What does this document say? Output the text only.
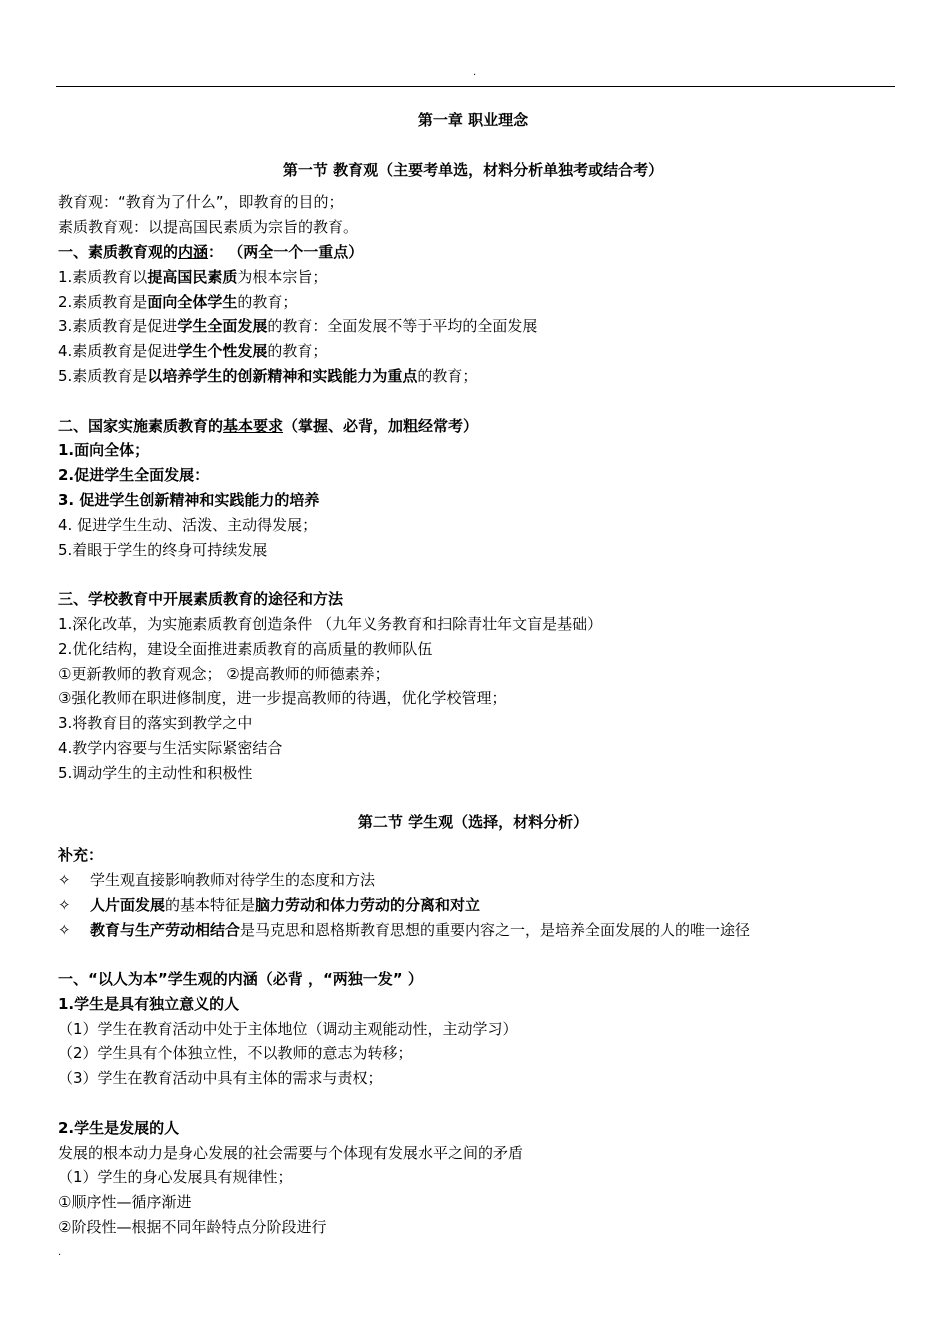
.
第一章 职业理念
第一节 教育观（主要考单选，材料分析单独考或结合考）
教育观：“教育为了什么”，即教育的目的；
素质教育观：以提高国民素质为宗旨的教育。
一、素质教育观的内涵： （两全一个一重点）
1.素质教育以提高国民素质为根本宗旨；
2.素质教育是面向全体学生的教育；
3.素质教育是促进学生全面发展的教育：全面发展不等于平均的全面发展
4.素质教育是促进学生个性发展的教育；
5.素质教育是以培养学生的创新精神和实践能力为重点的教育；
二、国家实施素质教育的基本要求（掌握、必背，加粗经常考）
1.面向全体；
2.促进学生全面发展：
3. 促进学生创新精神和实践能力的培养
4. 促进学生生动、活泼、主动得发展；
5.着眼于学生的终身可持续发展
三、学校教育中开展素质教育的途径和方法
1.深化改革，为实施素质教育创造条件 （九年义务教育和扫除青壮年文盲是基础）
2.优化结构，建设全面推进素质教育的高质量的教师队伍
①更新教师的教育观念； ②提高教师的师德素养；
③强化教师在职进修制度，进一步提高教师的待遇，优化学校管理；
3.将教育目的落实到教学之中
4.教学内容要与生活实际紧密结合
5.调动学生的主动性和积极性
第二节 学生观（选择，材料分析）
补充：
✧ 学生观直接影响教师对待学生的态度和方法
✧ 人片面发展的基本特征是脑力劳动和体力劳动的分离和对立
✧ 教育与生产劳动相结合是马克思和恩格斯教育思想的重要内容之一，是培养全面发展的人的唯一途径
一、“以人为本”学生观的内涵（必背 ，“两独一发” ）
1.学生是具有独立意义的人
（1）学生在教育活动中处于主体地位（调动主观能动性，主动学习）
（2）学生具有个体独立性，不以教师的意志为转移；
（3）学生在教育活动中具有主体的需求与责权；
2.学生是发展的人
发展的根本动力是身心发展的社会需要与个体现有发展水平之间的矛盾
（1）学生的身心发展具有规律性；
①顺序性—循序渐进
②阶段性—根据不同年龄特点分阶段进行
.
